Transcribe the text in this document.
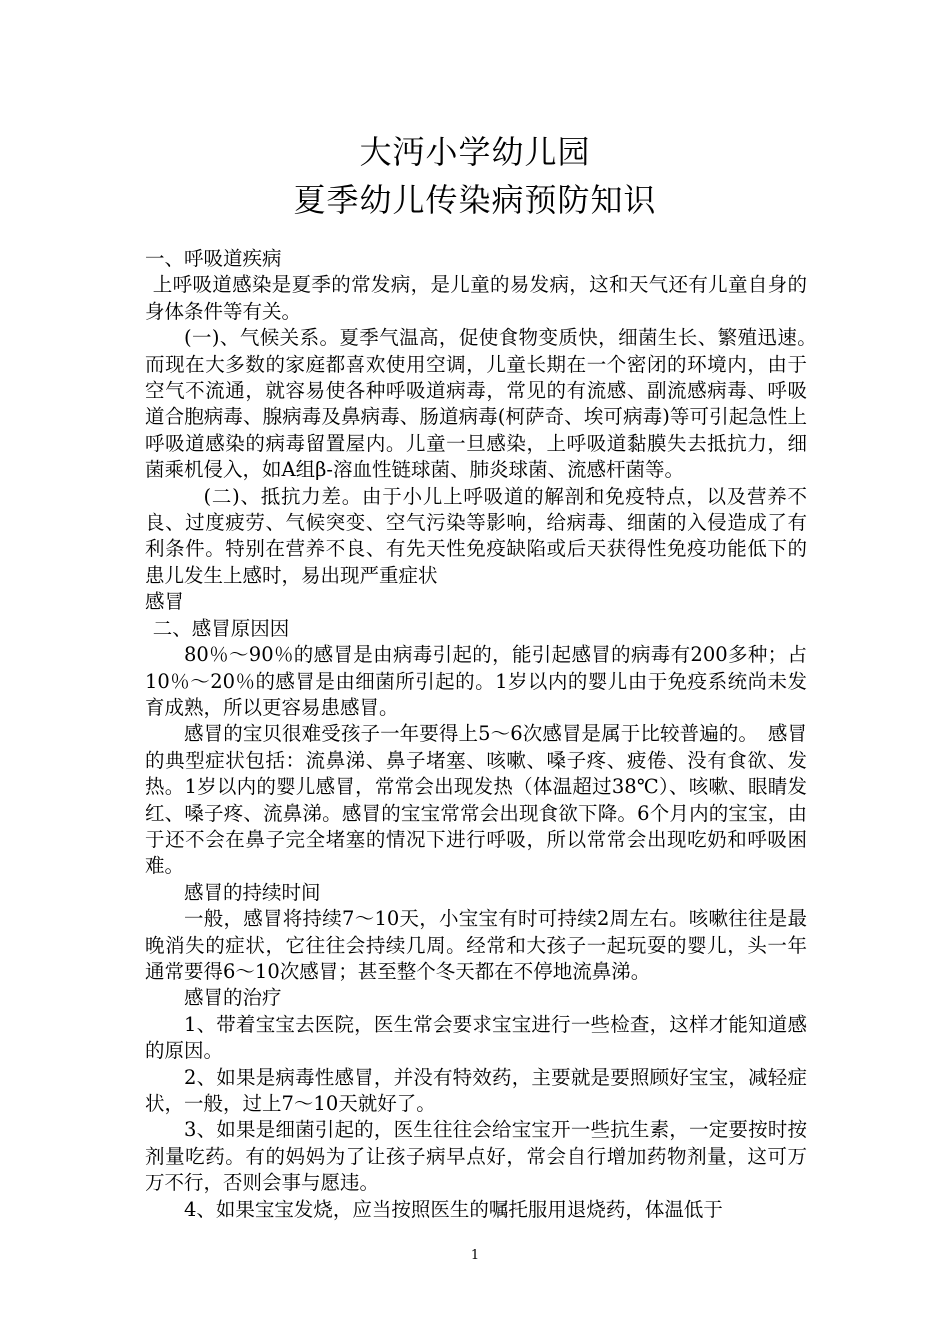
大沔小学幼儿园
夏季幼儿传染病预防知识

一、呼吸道疾病

上呼吸道感染是夏季的常发病，是儿童的易发病，这和天气还有儿童自身的身体条件等有关。

(一)、气候关系。夏季气温高，促使食物变质快，细菌生长、繁殖迅速。　　而现在大多数的家庭都喜欢使用空调，儿童长期在一个密闭的环境内，由于空气不流通，就容易使各种呼吸道病毒，常见的有流感、副流感病毒、呼吸道合胞病毒、腺病毒及鼻病毒、肠道病毒(柯萨奇、埃可病毒)等可引起急性上呼吸道感染的病毒留置屋内。儿童一旦感染，上呼吸道黏膜失去抵抗力，细菌乘机侵入，如A组β-溶血性链球菌、肺炎球菌、流感杆菌等。

(二)、抵抗力差。由于小儿上呼吸道的解剖和免疫特点，以及营养不良、过度疲劳、气候突变、空气污染等影响，给病毒、细菌的入侵造成了有利条件。特别在营养不良、有先天性免疫缺陷或后天获得性免疫功能低下的患儿发生上感时，易出现严重症状

感冒

二、感冒原因因

80％～90％的感冒是由病毒引起的，能引起感冒的病毒有200多种；占10％～20％的感冒是由细菌所引起的。1岁以内的婴儿由于免疫系统尚未发育成熟，所以更容易患感冒。

感冒的宝贝很难受孩子一年要得上5～6次感冒是属于比较普遍的。　感冒的典型症状包括：流鼻涕、鼻子堵塞、咳嗽、嗓子疼、疲倦、没有食欲、发热。1岁以内的婴儿感冒，常常会出现发热（体温超过38℃）、咳嗽、眼睛发红、嗓子疼、流鼻涕。感冒的宝宝常常会出现食欲下降。6个月内的宝宝，由于还不会在鼻子完全堵塞的情况下进行呼吸，所以常常会出现吃奶和呼吸困难。

感冒的持续时间

一般，感冒将持续7～10天，小宝宝有时可持续2周左右。咳嗽往往是最晚消失的症状，它往往会持续几周。经常和大孩子一起玩耍的婴儿，头一年通常要得6～10次感冒；甚至整个冬天都在不停地流鼻涕。

感冒的治疗

1、带着宝宝去医院，医生常会要求宝宝进行一些检查，这样才能知道感的原因。

2、如果是病毒性感冒，并没有特效药，主要就是要照顾好宝宝，减轻症状，一般，过上7～10天就好了。

3、如果是细菌引起的，医生往往会给宝宝开一些抗生素，一定要按时按剂量吃药。有的妈妈为了让孩子病早点好，常会自行增加药物剂量，这可万万不行，否则会事与愿违。

4、如果宝宝发烧，应当按照医生的嘱托服用退烧药，体温低于

1
